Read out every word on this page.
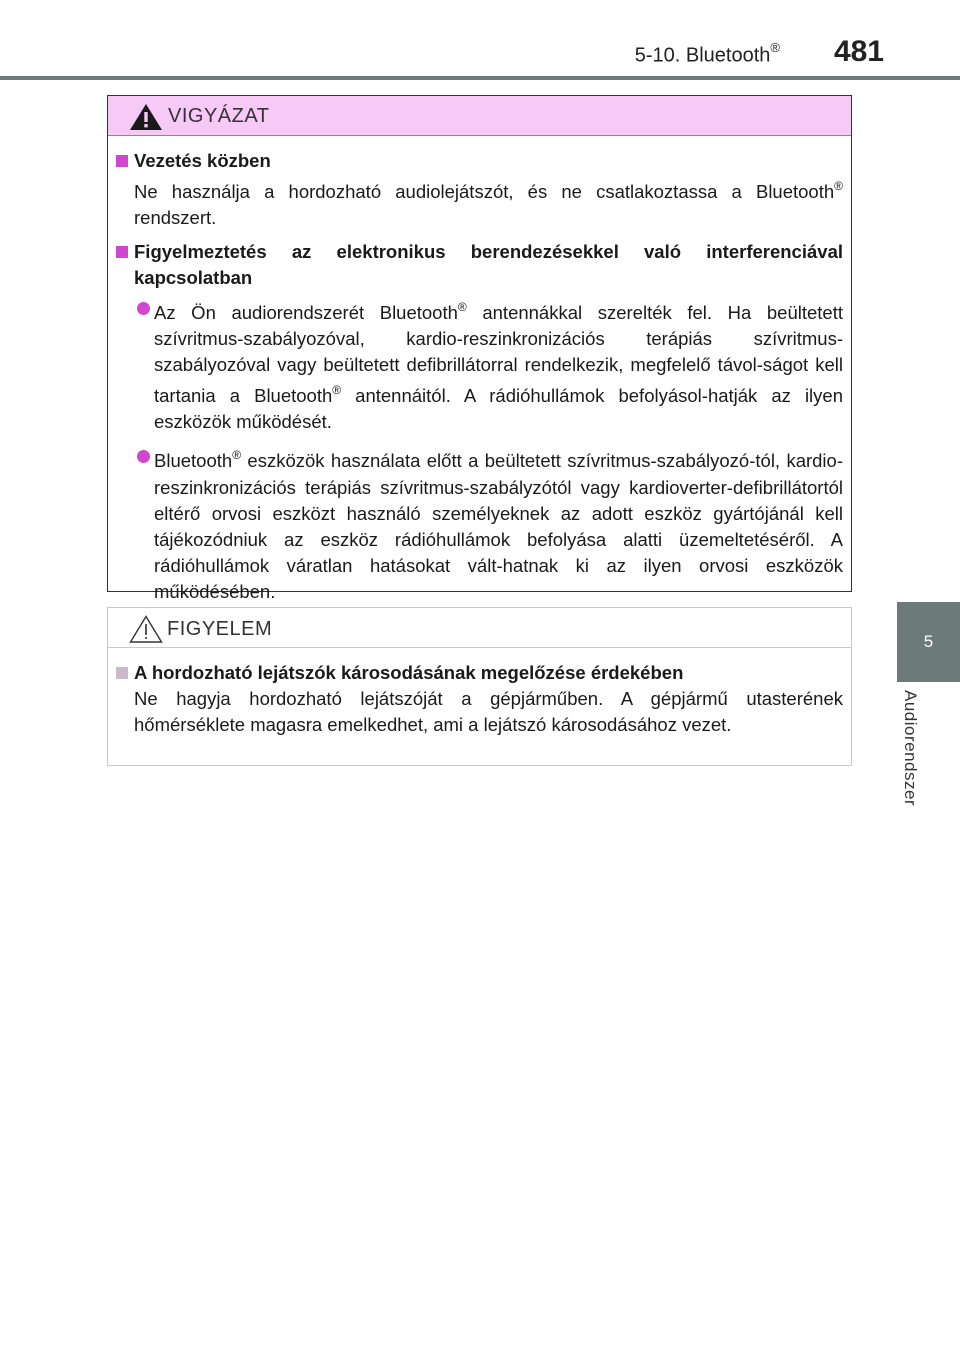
5-10. Bluetooth® 481
5
Audiorendszer
VIGYÁZAT
Vezetés közben
Ne használja a hordozható audiolejátszót, és ne csatlakoztassa a Bluetooth® rendszert.
Figyelmeztetés az elektronikus berendezésekkel való interferenciával kapcsolatban
Az Ön audiorendszerét Bluetooth® antennákkal szerelték fel. Ha beültetett szívritmus-szabályozóval, kardio-reszinkronizációs terápiás szívritmus-szabályozóval vagy beültetett defibrillátorral rendelkezik, megfelelő távol-ságot kell tartania a Bluetooth® antennáitól. A rádióhullámok befolyásol-hatják az ilyen eszközök működését.
Bluetooth® eszközök használata előtt a beültetett szívritmus-szabályozó-tól, kardio-reszinkronizációs terápiás szívritmus-szabályzótól vagy kardioverter-defibrillátortól eltérő orvosi eszközt használó személyeknek az adott eszköz gyártójánál kell tájékozódniuk az eszköz rádióhullámok befolyása alatti üzemeltetéséről. A rádióhullámok váratlan hatásokat vált-hatnak ki az ilyen orvosi eszközök működésében.
FIGYELEM
A hordozható lejátszók károsodásának megelőzése érdekében
Ne hagyja hordozható lejátszóját a gépjárműben. A gépjármű utasterének hőmérséklete magasra emelkedhet, ami a lejátszó károsodásához vezet.
